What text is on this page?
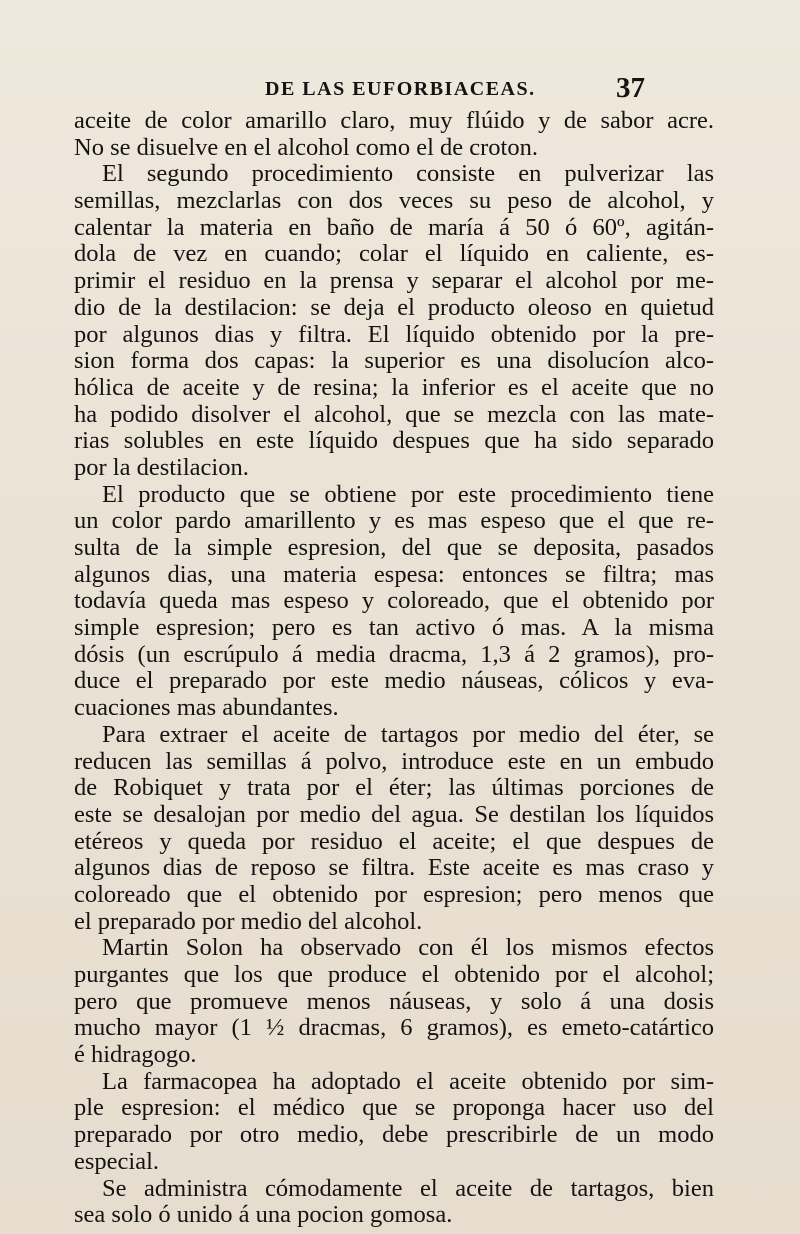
DE LAS EUFORBIACEAS.	37
aceite de color amarillo claro, muy flúido y de sabor acre.
No se disuelve en el alcohol como el de croton.
El segundo procedimiento consiste en pulverizar las
semillas, mezclarlas con dos veces su peso de alcohol, y
calentar la materia en baño de maría á 50 ó 60º, agitán-
dola de vez en cuando; colar el líquido en caliente, es-
primir el residuo en la prensa y separar el alcohol por me-
dio de la destilacion: se deja el producto oleoso en quietud
por algunos dias y filtra. El líquido obtenido por la pre-
sion forma dos capas: la superior es una disolucíon alco-
hólica de aceite y de resina; la inferior es el aceite que no
ha podido disolver el alcohol, que se mezcla con las mate-
rias solubles en este líquido despues que ha sido separado
por la destilacion.
El producto que se obtiene por este procedimiento tiene
un color pardo amarillento y es mas espeso que el que re-
sulta de la simple espresion, del que se deposita, pasados
algunos dias, una materia espesa: entonces se filtra; mas
todavía queda mas espeso y coloreado, que el obtenido por
simple espresion; pero es tan activo ó mas. A la misma
dósis (un escrúpulo á media dracma, 1,3 á 2 gramos), pro-
duce el preparado por este medio náuseas, cólicos y eva-
cuaciones mas abundantes.
Para extraer el aceite de tartagos por medio del éter, se
reducen las semillas á polvo, introduce este en un embudo
de Robiquet y trata por el éter; las últimas porciones de
este se desalojan por medio del agua. Se destilan los líquidos
etéreos y queda por residuo el aceite; el que despues de
algunos dias de reposo se filtra. Este aceite es mas craso y
coloreado que el obtenido por espresion; pero menos que
el preparado por medio del alcohol.
Martin Solon ha observado con él los mismos efectos
purgantes que los que produce el obtenido por el alcohol;
pero que promueve menos náuseas, y solo á una dosis
mucho mayor (1 ½ dracmas, 6 gramos), es emeto-catártico
é hidragogo.
La farmacopea ha adoptado el aceite obtenido por sim-
ple espresion: el médico que se proponga hacer uso del
preparado por otro medio, debe prescribirle de un modo
especial.
Se administra cómodamente el aceite de tartagos, bien
sea solo ó unido á una pocion gomosa.
